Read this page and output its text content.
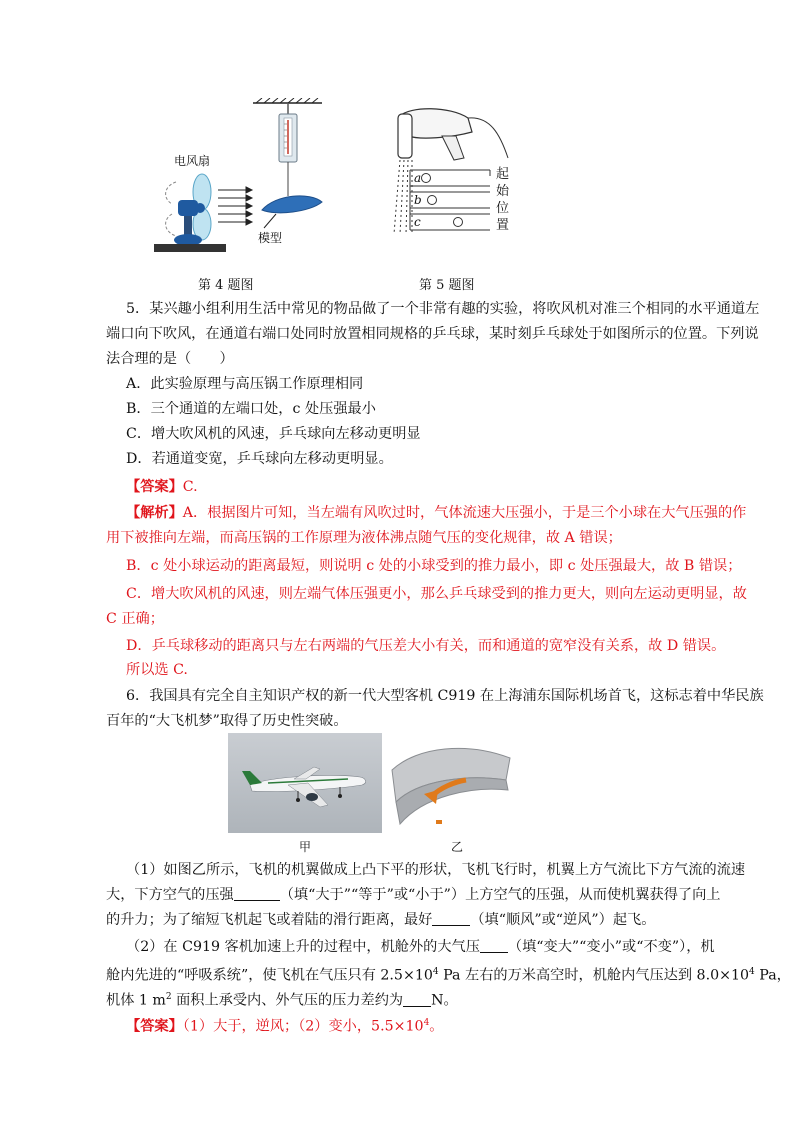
电风扇
模型
第 4 题图
a
b
c
起
始
位
置
第 5 题图
5．某兴趣小组利用生活中常见的物品做了一个非常有趣的实验，将吹风机对准三个相同的水平通道左
端口向下吹风，在通道右端口处同时放置相同规格的乒乓球，某时刻乒乓球处于如图所示的位置。下列说
法合理的是（　　）
A．此实验原理与高压锅工作原理相同
B．三个通道的左端口处，c 处压强最小
C．增大吹风机的风速，乒乓球向左移动更明显
D．若通道变宽，乒乓球向左移动更明显。
【答案】C.
【解析】A．根据图片可知，当左端有风吹过时，气体流速大压强小，于是三个小球在大气压强的作
用下被推向左端，而高压锅的工作原理为液体沸点随气压的变化规律，故 A 错误；
B．c 处小球运动的距离最短，则说明 c 处的小球受到的推力最小，即 c 处压强最大，故 B 错误；
C．增大吹风机的风速，则左端气体压强更小，那么乒乓球受到的推力更大，则向左运动更明显，故
C 正确；
D．乒乓球移动的距离只与左右两端的气压差大小有关，而和通道的宽窄没有关系，故 D 错误。
所以选 C.
6．我国具有完全自主知识产权的新一代大型客机 C919 在上海浦东国际机场首飞，这标志着中华民族
百年的“大飞机梦”取得了历史性突破。
甲	乙
（1）如图乙所示，飞机的机翼做成上凸下平的形状，飞机飞行时，机翼上方气流比下方气流的流速
大，下方空气的压强	（填“大于”“等于”或“小于”）上方空气的压强，从而使机翼获得了向上
的升力；为了缩短飞机起飞或着陆的滑行距离，最好	（填“顺风”或“逆风”）起飞。
（2）在 C919 客机加速上升的过程中，机舱外的大气压 （填“变大”“变小”或“不变”），机
舱内先进的“呼吸系统”，使飞机在气压只有 $2.5\times 10^4$ Pa 左右的万米高空时，机舱内气压达到 $8.0\times 10^4$ Pa，
机体 1 $m^2$ 面积上承受内、外气压的压力差约为 N。
【答案】（1）大于，逆风；（2）变小，$5.5\times 10^4$。
